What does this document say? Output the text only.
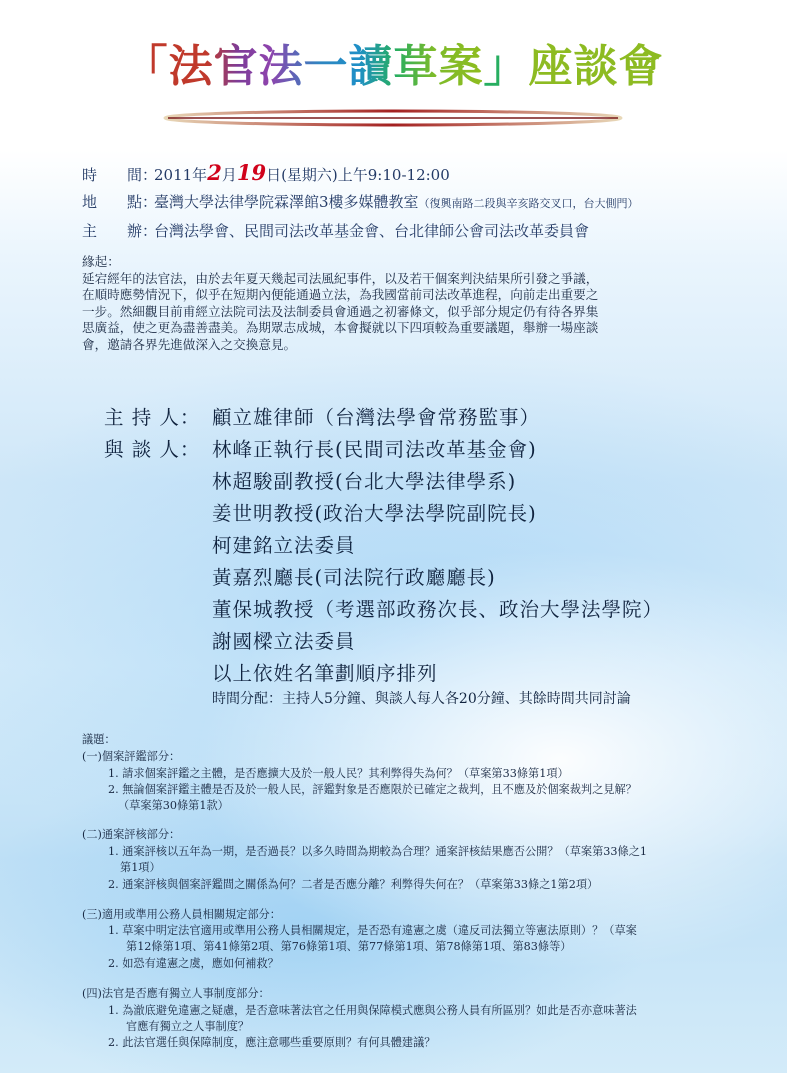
「法官法一讀草案」座談會
時　　間：2011年2月19日(星期六)上午9:10-12:00
地　　點：臺灣大學法律學院霖澤館3樓多媒體教室（復興南路二段與辛亥路交叉口，台大側門）
主　　辦：台灣法學會、民間司法改革基金會、台北律師公會司法改革委員會

緣起：

延宕經年的法官法，由於去年夏天幾起司法風紀事件，以及若干個案判決結果所引發之爭議，

在順時應勢情況下，似乎在短期內便能通過立法，為我國當前司法改革進程，向前走出重要之

一步。然細觀目前甫經立法院司法及法制委員會通過之初審條文，似乎部分規定仍有待各界集

思廣益，使之更為盡善盡美。為期眾志成城，本會擬就以下四項較為重要議題，舉辦一場座談

會，邀請各界先進做深入之交換意見。

主 持 人： 顧立雄律師（台灣法學會常務監事）
與 談 人： 林峰正執行長(民間司法改革基金會)
林超駿副教授(台北大學法律學系)
姜世明教授(政治大學法學院副院長)
柯建銘立法委員
黃嘉烈廳長(司法院行政廳廳長)
董保城教授（考選部政務次長、政治大學法學院）
謝國樑立法委員
以上依姓名筆劃順序排列
時間分配：主持人5分鐘、與談人每人各20分鐘、其餘時間共同討論
議題：
(一)個案評鑑部分：
1. 請求個案評鑑之主體，是否應擴大及於一般人民？其利弊得失為何？（草案第33條第1項）
2. 無論個案評鑑主體是否及於一般人民，評鑑對象是否應限於已確定之裁判，且不應及於個案裁判之見解？
（草案第30條第1款）
(二)通案評核部分：
1. 通案評核以五年為一期，是否過長？以多久時間為期較為合理？通案評核結果應否公開？（草案第33條之1
第1項）
2. 通案評核與個案評鑑間之關係為何？二者是否應分離？利弊得失何在？（草案第33條之1第2項）
(三)適用或準用公務人員相關規定部分：
1. 草案中明定法官適用或準用公務人員相關規定，是否恐有違憲之虞（違反司法獨立等憲法原則）？（草案
第12條第1項、第41條第2項、第76條第1項、第77條第1項、第78條第1項、第83條等）
2. 如恐有違憲之虞，應如何補救？
(四)法官是否應有獨立人事制度部分：
1. 為澈底避免違憲之疑慮，是否意味著法官之任用與保障模式應與公務人員有所區別？如此是否亦意味著法
官應有獨立之人事制度？
2. 此法官選任與保障制度，應注意哪些重要原則？有何具體建議？
